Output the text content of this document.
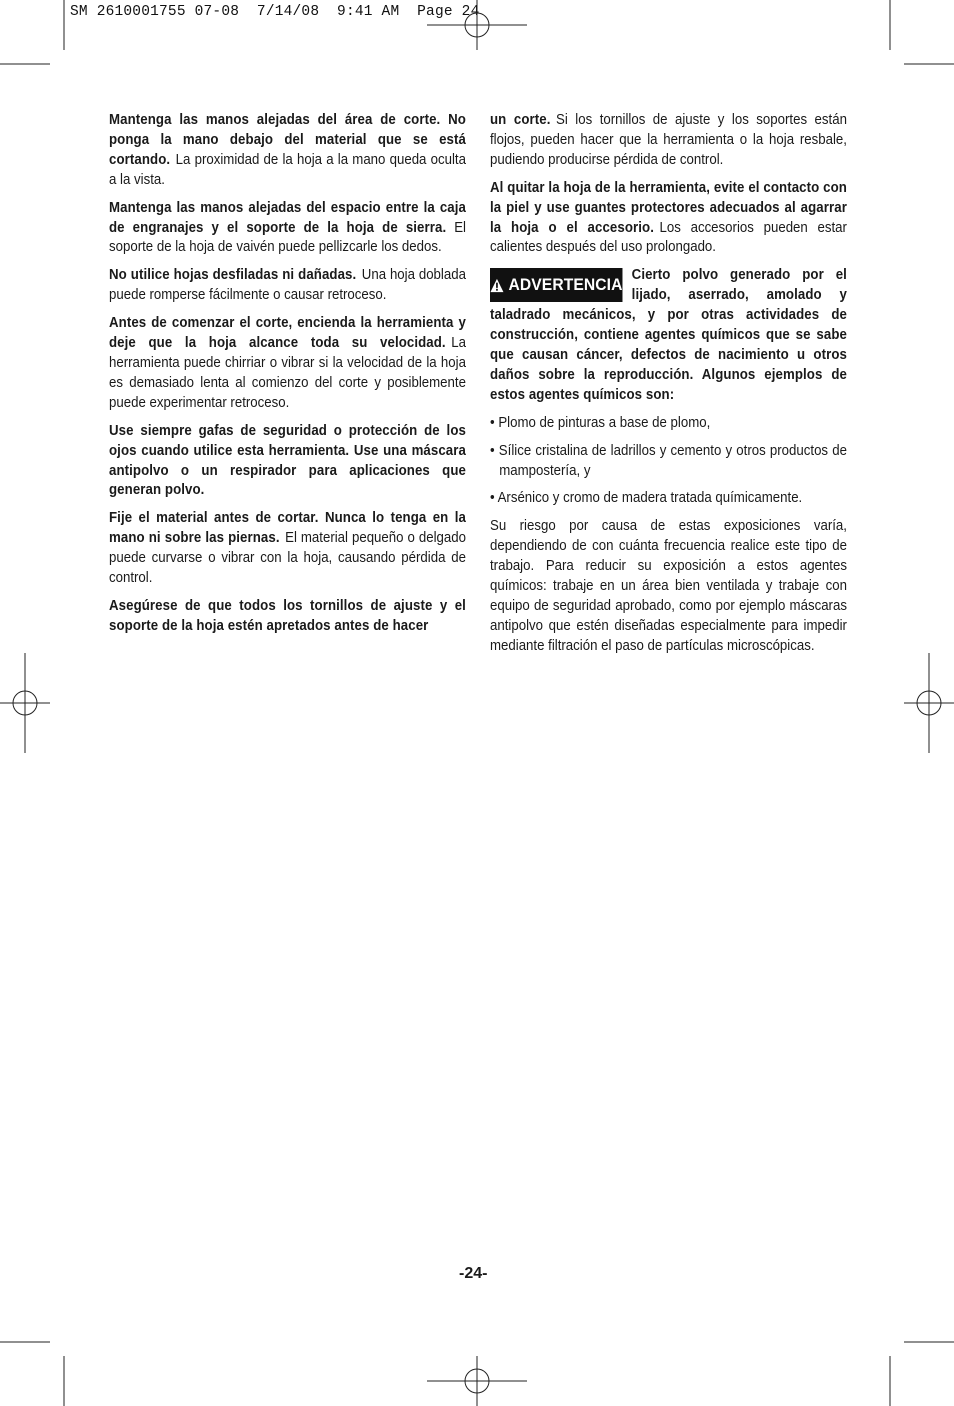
SM 2610001755 07-08  7/14/08  9:41 AM  Page 24

Mantenga las manos alejadas del área de corte. No ponga la mano debajo del material que se está cortando. La proximidad de la hoja a la mano queda oculta a la vista.

Mantenga las manos alejadas del espacio entre la caja de engranajes y el soporte de la hoja de sierra. El soporte de la hoja de vaivén puede pellizcarle los dedos.

No utilice hojas desfiladas ni dañadas. Una hoja doblada puede romperse fácilmente o causar retroceso.

Antes de comenzar el corte, encienda la herramienta y deje que la hoja alcance toda su velocidad. La herramienta puede chirriar o vibrar si la velocidad de la hoja es demasiado lenta al comienzo del corte y posiblemente puede experimentar retroceso.

Use siempre gafas de seguridad o protección de los ojos cuando utilice esta herramienta. Use una máscara antipolvo o un respirador para aplicaciones que generan polvo.

Fije el material antes de cortar. Nunca lo tenga en la mano ni sobre las piernas. El material pequeño o delgado puede curvarse o vibrar con la hoja, causando pérdida de control.

Asegúrese de que todos los tornillos de ajuste y el soporte de la hoja estén apretados antes de hacer

un corte. Si los tornillos de ajuste y los soportes están flojos, pueden hacer que la herramienta o la hoja resbale, pudiendo producirse pérdida de control.

Al quitar la hoja de la herramienta, evite el contacto con la piel y use guantes protectores adecuados al agarrar la hoja o el accesorio. Los accesorios pueden estar calientes después del uso prolongado.

ADVERTENCIA
Cierto polvo generado por el lijado, aserrado, amolado y taladrado mecánicos, y por otras actividades de construcción, contiene agentes químicos que se sabe que causan cáncer, defectos de nacimiento u otros daños sobre la reproducción. Algunos ejemplos de estos agentes químicos son:

• Plomo de pinturas a base de plomo,

• Sílice cristalina de ladrillos y cemento y otros productos de mampostería, y

• Arsénico y cromo de madera tratada químicamente.

Su riesgo por causa de estas exposiciones varía, dependiendo de con cuánta frecuencia realice este tipo de trabajo. Para reducir su exposición a estos agentes químicos: trabaje en un área bien ventilada y trabaje con equipo de seguridad aprobado, como por ejemplo máscaras antipolvo que estén diseñadas especialmente para impedir mediante filtración el paso de partículas microscópicas.

-24-
